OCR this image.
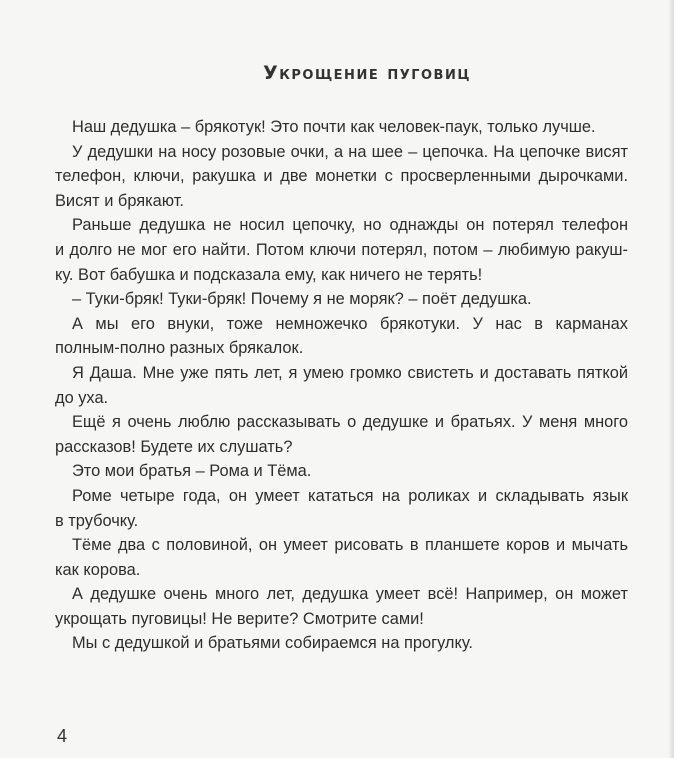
Укрощение пуговиц
Наш дедушка – брякотук! Это почти как человек-паук, только лучше.
У дедушки на носу розовые очки, а на шее – цепочка. На цепочке висят
телефон, ключи, ракушка и две монетки с просверленными дырочками.
Висят и брякают.
Раньше дедушка не носил цепочку, но однажды он потерял телефон
и долго не мог его найти. Потом ключи потерял, потом – любимую ракуш-
ку. Вот бабушка и подсказала ему, как ничего не терять!
– Туки-бряк! Туки-бряк! Почему я не моряк? – поёт дедушка.
А мы его внуки, тоже немножечко брякотуки. У нас в карманах
полным-полно разных брякалок.
Я Даша. Мне уже пять лет, я умею громко свистеть и доставать пяткой
до уха.
Ещё я очень люблю рассказывать о дедушке и братьях. У меня много
рассказов! Будете их слушать?
Это мои братья – Рома и Тёма.
Роме четыре года, он умеет кататься на роликах и складывать язык
в трубочку.
Тёме два с половиной, он умеет рисовать в планшете коров и мычать
как корова.
А дедушке очень много лет, дедушка умеет всё! Например, он может
укрощать пуговицы! Не верите? Смотрите сами!
Мы с дедушкой и братьями собираемся на прогулку.
4
